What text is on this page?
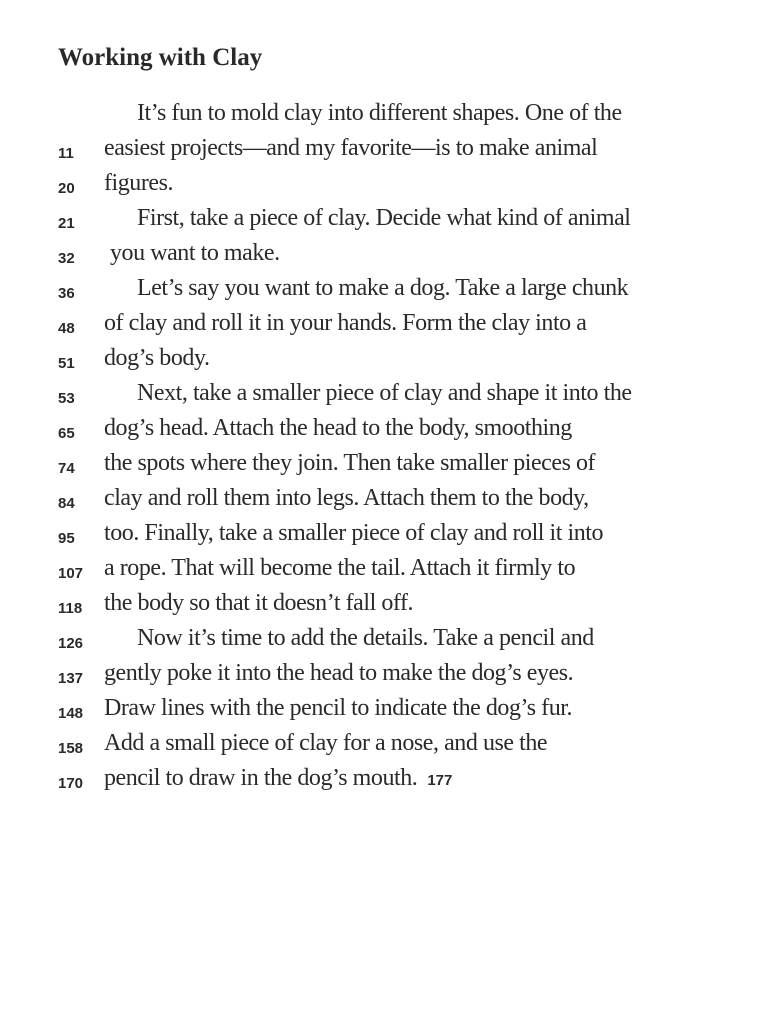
Working with Clay
It’s fun to mold clay into different shapes. One of the
11 easiest projects—and my favorite—is to make animal
20 figures.
21	First, take a piece of clay. Decide what kind of animal
32 you want to make.
36	Let’s say you want to make a dog. Take a large chunk
48 of clay and roll it in your hands. Form the clay into a
51 dog’s body.
53	Next, take a smaller piece of clay and shape it into the
65 dog’s head. Attach the head to the body, smoothing
74 the spots where they join. Then take smaller pieces of
84 clay and roll them into legs. Attach them to the body,
95 too. Finally, take a smaller piece of clay and roll it into
107 a rope. That will become the tail. Attach it firmly to
118 the body so that it doesn’t fall off.
126 Now it’s time to add the details. Take a pencil and
137 gently poke it into the head to make the dog’s eyes.
148 Draw lines with the pencil to indicate the dog’s fur.
158 Add a small piece of clay for a nose, and use the
170 pencil to draw in the dog’s mouth. 177
